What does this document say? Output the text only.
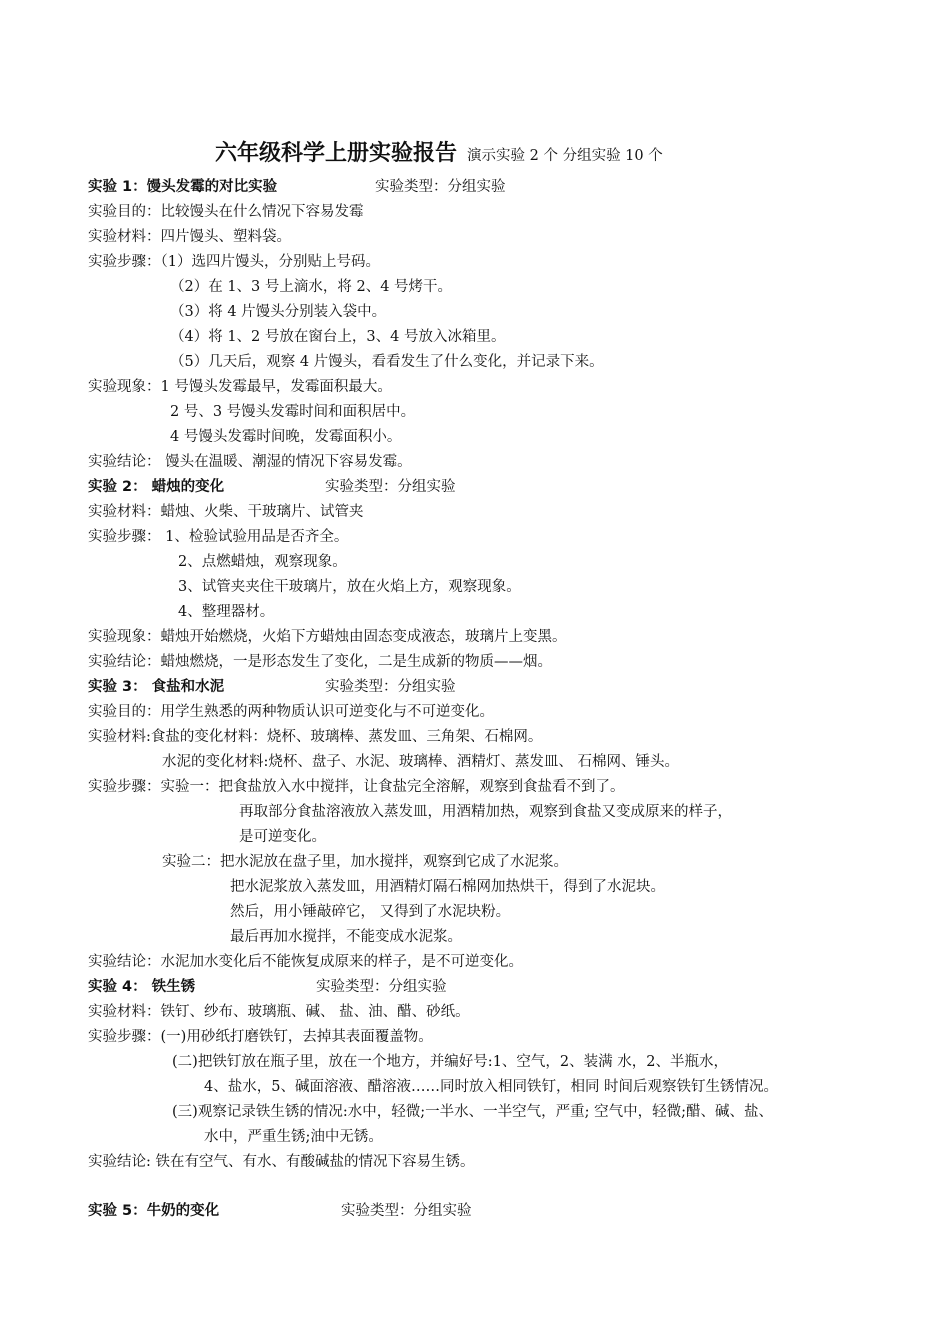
六年级科学上册实验报告 演示实验 2 个 分组实验 10 个
实验 1：馒头发霉的对比实验	实验类型：分组实验
实验目的：比较馒头在什么情况下容易发霉
实验材料：四片馒头、塑料袋。
实验步骤：（1）选四片馒头，分别贴上号码。
（2）在 1、3 号上滴水，将 2、4 号烤干。
（3）将 4 片馒头分别装入袋中。
（4）将 1、2 号放在窗台上，3、4 号放入冰箱里。
（5）几天后，观察 4 片馒头，看看发生了什么变化，并记录下来。
实验现象：1 号馒头发霉最早，发霉面积最大。
2 号、3 号馒头发霉时间和面积居中。
4 号馒头发霉时间晚，发霉面积小。
实验结论： 馒头在温暖、潮湿的情况下容易发霉。
实验 2： 蜡烛的变化	实验类型：分组实验
实验材料：蜡烛、火柴、干玻璃片、试管夹
实验步骤： 1、检验试验用品是否齐全。
2、点燃蜡烛，观察现象。
3、试管夹夹住干玻璃片，放在火焰上方，观察现象。
4、整理器材。
实验现象：蜡烛开始燃烧，火焰下方蜡烛由固态变成液态，玻璃片上变黑。
实验结论：蜡烛燃烧，一是形态发生了变化，二是生成新的物质——烟。
实验 3： 食盐和水泥	实验类型：分组实验
实验目的：用学生熟悉的两种物质认识可逆变化与不可逆变化。
实验材料:食盐的变化材料：烧杯、玻璃棒、蒸发皿、三角架、石棉网。
水泥的变化材料:烧杯、盘子、水泥、玻璃棒、酒精灯、蒸发皿、 石棉网、锤头。
实验步骤：实验一：把食盐放入水中搅拌，让食盐完全溶解，观察到食盐看不到了。
再取部分食盐溶液放入蒸发皿，用酒精加热，观察到食盐又变成原来的样子，
是可逆变化。
实验二：把水泥放在盘子里，加水搅拌，观察到它成了水泥浆。
把水泥浆放入蒸发皿，用酒精灯隔石棉网加热烘干，得到了水泥块。
然后，用小锤敲碎它， 又得到了水泥块粉。
最后再加水搅拌，不能变成水泥浆。
实验结论：水泥加水变化后不能恢复成原来的样子，是不可逆变化。
实验 4： 铁生锈	实验类型：分组实验
实验材料：铁钉、纱布、玻璃瓶、碱、 盐、油、醋、砂纸。
实验步骤：(一)用砂纸打磨铁钉，去掉其表面覆盖物。
(二)把铁钉放在瓶子里，放在一个地方，并编好号:1、空气，2、装满 水，2、半瓶水，
4、盐水，5、碱面溶液、醋溶液……同时放入相同铁钉，相同 时间后观察铁钉生锈情况。
(三)观察记录铁生锈的情况:水中，轻微;一半水、一半空气，严重; 空气中，轻微;醋、碱、盐、
水中，严重生锈;油中无锈。
实验结论: 铁在有空气、有水、有酸碱盐的情况下容易生锈。
实验 5：牛奶的变化	实验类型：分组实验
